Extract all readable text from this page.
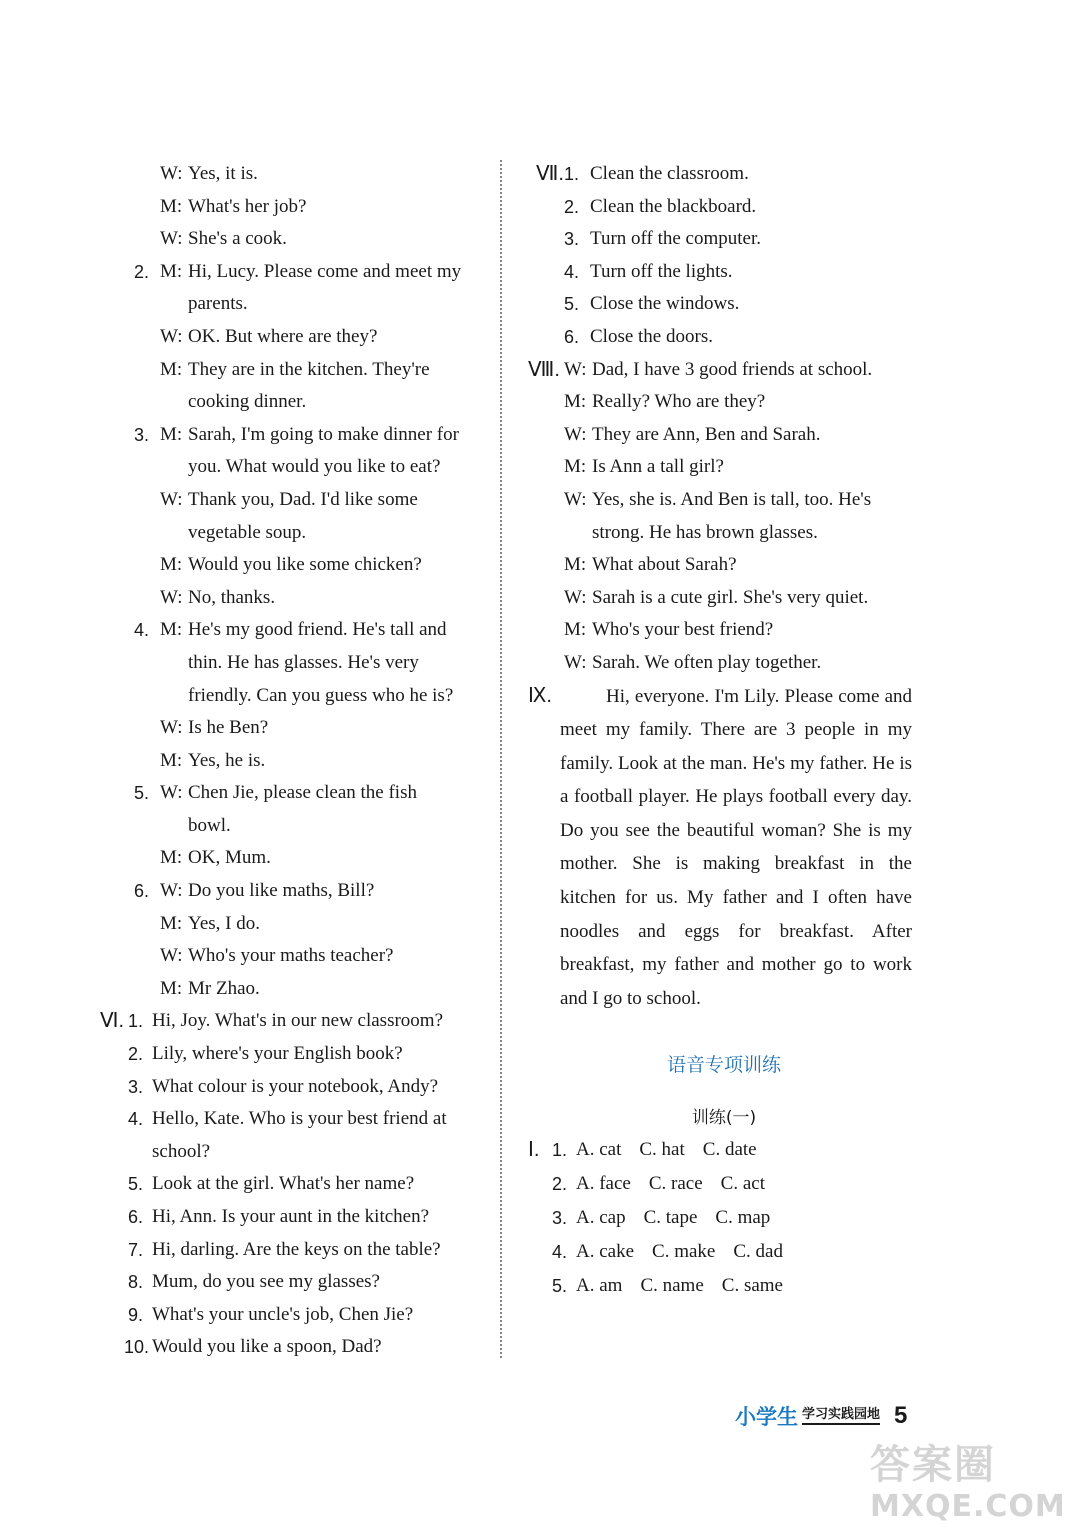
W: Yes, it is.
M: What's her job?
W: She's a cook.
2. M: Hi, Lucy. Please come and meet my
parents.
W: OK. But where are they?
M: They are in the kitchen. They're
cooking dinner.
3. M: Sarah, I'm going to make dinner for
you. What would you like to eat?
W: Thank you, Dad. I'd like some
vegetable soup.
M: Would you like some chicken?
W: No, thanks.
4. M: He's my good friend. He's tall and
thin. He has glasses. He's very
friendly. Can you guess who he is?
W: Is he Ben?
M: Yes, he is.
5. W: Chen Jie, please clean the fish
bowl.
M: OK, Mum.
6. W: Do you like maths, Bill?
M: Yes, I do.
W: Who's your maths teacher?
M: Mr Zhao.
Ⅵ. 1. Hi, Joy. What's in our new classroom?
2. Lily, where's your English book?
3. What colour is your notebook, Andy?
4. Hello, Kate. Who is your best friend at
school?
5. Look at the girl. What's her name?
6. Hi, Ann. Is your aunt in the kitchen?
7. Hi, darling. Are the keys on the table?
8. Mum, do you see my glasses?
9. What's your uncle's job, Chen Jie?
10. Would you like a spoon, Dad?
Ⅶ. 1. Clean the classroom.
2. Clean the blackboard.
3. Turn off the computer.
4. Turn off the lights.
5. Close the windows.
6. Close the doors.
Ⅷ. W: Dad, I have 3 good friends at school.
M: Really? Who are they?
W: They are Ann, Ben and Sarah.
M: Is Ann a tall girl?
W: Yes, she is. And Ben is tall, too. He's
strong. He has brown glasses.
M: What about Sarah?
W: Sarah is a cute girl. She's very quiet.
M: Who's your best friend?
W: Sarah. We often play together.
Ⅸ.	Hi, everyone. I'm Lily. Please come and meet my family. There are 3 people in my family. Look at the man. He's my father. He is a football player. He plays football every day. Do you see the beautiful woman? She is my mother. She is making breakfast in the kitchen for us. My father and I often have noodles and eggs for breakfast. After breakfast, my father and mother go to work and I go to school.
语音专项训练
训练(一)
Ⅰ. 1. A. cat C. hat C. date
2. A. face C. race C. act
3. A. cap C. tape C. map
4. A. cake C. make C. dad
5. A. am C. name C. same
小学生 学习实践园地 5
答案圈
MXQE.COM
